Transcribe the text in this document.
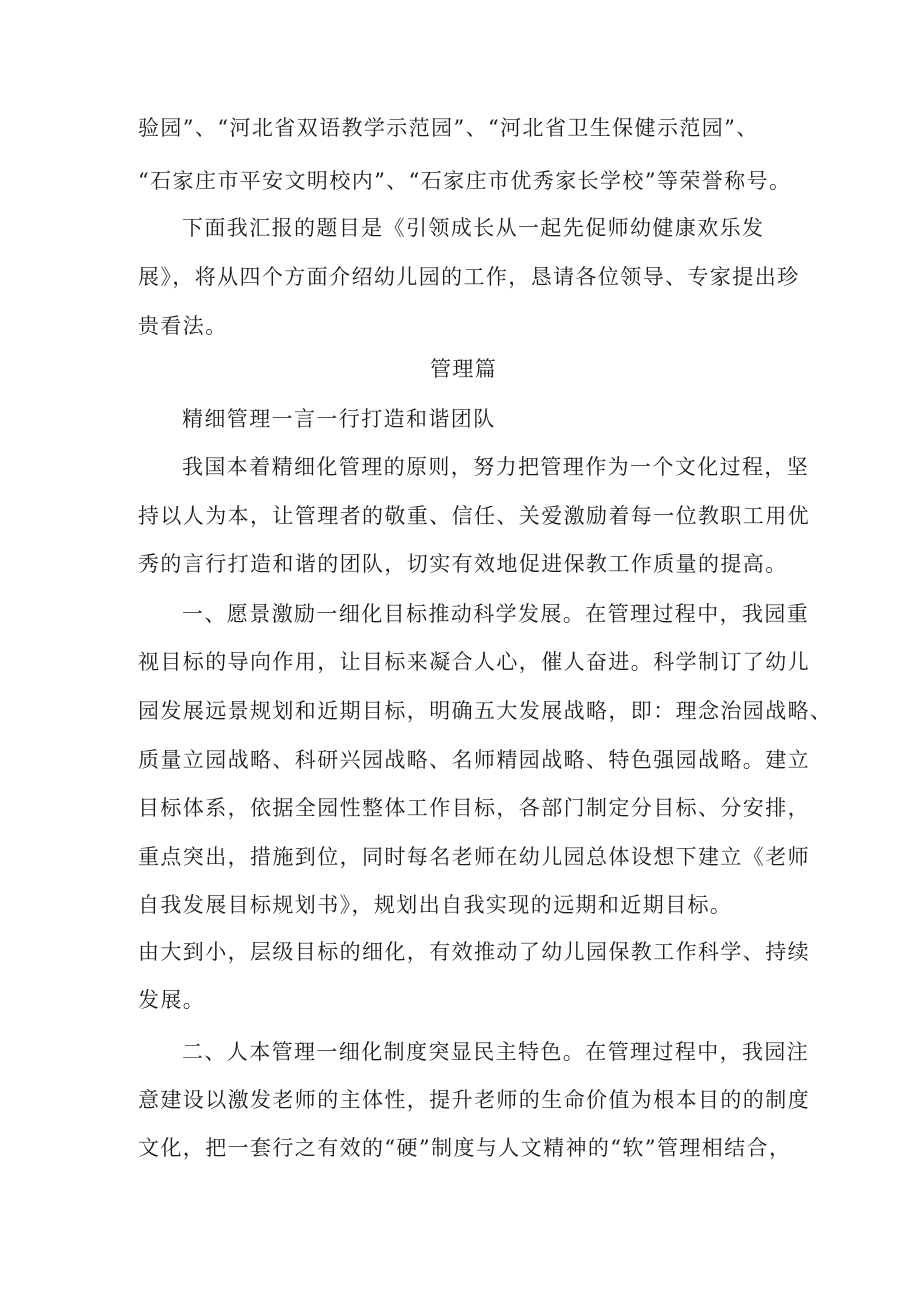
验园”、“河北省双语教学示范园”、“河北省卫生保健示范园”、
“石家庄市平安文明校内”、“石家庄市优秀家长学校”等荣誉称号。
下面我汇报的题目是《引领成长从一起先促师幼健康欢乐发
展》，将从四个方面介绍幼儿园的工作，恳请各位领导、专家提出珍
贵看法。
管理篇
精细管理一言一行打造和谐团队
我国本着精细化管理的原则，努力把管理作为一个文化过程，坚
持以人为本，让管理者的敬重、信任、关爱激励着每一位教职工用优
秀的言行打造和谐的团队，切实有效地促进保教工作质量的提高。
一、愿景激励一细化目标推动科学发展。在管理过程中，我园重
视目标的导向作用，让目标来凝合人心，催人奋进。科学制订了幼儿
园发展远景规划和近期目标，明确五大发展战略，即：理念治园战略、
质量立园战略、科研兴园战略、名师精园战略、特色强园战略。建立
目标体系，依据全园性整体工作目标，各部门制定分目标、分安排，
重点突出，措施到位，同时每名老师在幼儿园总体设想下建立《老师
自我发展目标规划书》，规划出自我实现的远期和近期目标。
由大到小，层级目标的细化，有效推动了幼儿园保教工作科学、持续
发展。
二、人本管理一细化制度突显民主特色。在管理过程中，我园注
意建设以激发老师的主体性，提升老师的生命价值为根本目的的制度
文化，把一套行之有效的“硬”制度与人文精神的“软”管理相结合，
